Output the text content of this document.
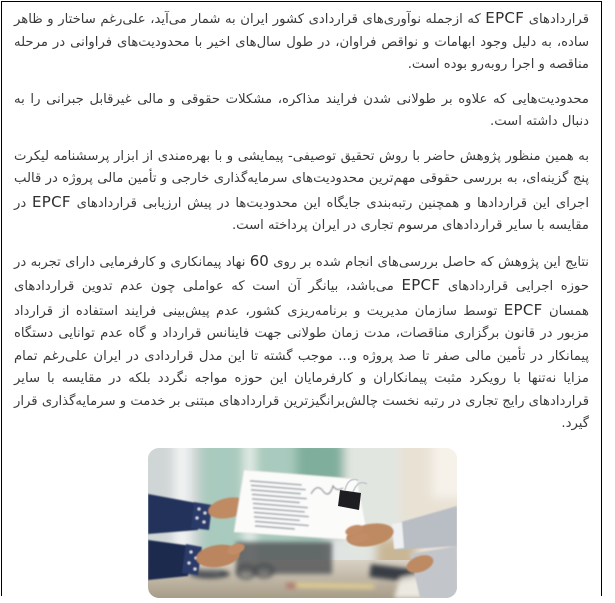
قراردادهای EPCF که ازجمله نوآوری‌های قراردادی کشور ایران به شمار می‌آید، علی‌رغم ساختار و ظاهر ساده، به دلیل وجود ابهامات و نواقص فراوان، در طول سال‌های اخیر با محدودیت‌های فراوانی در مرحله مناقصه و اجرا روبه‌رو بوده است.

محدودیت‌هایی که علاوه بر طولانی شدن فرایند مذاکره، مشکلات حقوقی و مالی غیرقابل جبرانی را به دنبال داشته است.

به همین منظور پژوهش حاضر با روش تحقیق توصیفی- پیمایشی و با بهره‌مندی از ابزار پرسشنامه لیکرت پنج گزینه‌ای، به بررسی حقوقی مهم‌ترین محدودیت‌های سرمایه‌گذاری خارجی و تأمین مالی پروژه در قالب اجرای این قراردادها و همچنین رتبه‌بندی جایگاه این محدودیت‌ها در پیش ارزیابی قراردادهای EPCF در مقایسه با سایر قراردادهای مرسوم تجاری در ایران پرداخته است.

نتایج این پژوهش که حاصل بررسی‌های انجام شده بر روی 60 نهاد پیمانکاری و کارفرمایی دارای تجربه در حوزه اجرایی قراردادهای EPCF می‌باشد، بیانگر آن است که عواملی چون عدم تدوین قراردادهای همسان EPCF توسط سازمان مدیریت و برنامه‌ریزی کشور، عدم پیش‌بینی فرایند استفاده از قرارداد مزبور در قانون برگزاری مناقصات، مدت زمان طولانی جهت فاینانس قرارداد و گاه عدم توانایی دستگاه پیمانکار در تأمین مالی صفر تا صد پروژه و... موجب گشته تا این مدل قراردادی در ایران علی‌رغم تمام مزایا نه‌تنها با رویکرد مثبت پیمانکاران و کارفرمایان این حوزه مواجه نگردد بلکه در مقایسه با سایر قراردادهای رایج تجاری در رتبه نخست چالش‌برانگیزترین قراردادهای مبتنی بر خدمت و سرمایه‌گذاری قرار گیرد.
